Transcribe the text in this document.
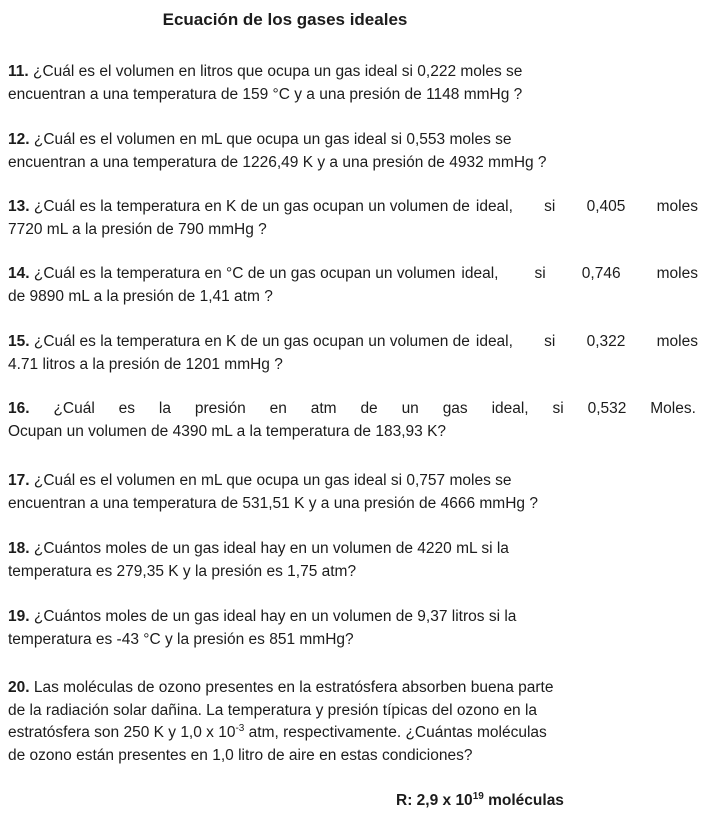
Ecuación de los gases ideales
11. ¿Cuál es el volumen en litros que ocupa un gas ideal si 0,222 moles se
encuentran a una temperatura de 159 °C y a una presión de 1148 mmHg ?
12. ¿Cuál es el volumen en mL que ocupa un gas ideal si 0,553 moles se
encuentran a una temperatura de 1226,49 K y a una presión de 4932 mmHg ?
13. ¿Cuál es la temperatura en K de un gas ocupan un volumen de ideal, si 0,405 moles
7720 mL a la presión de 790 mmHg ?
14. ¿Cuál es la temperatura en °C de un gas ocupan un volumen ideal, si 0,746 moles
de 9890 mL a la presión de 1,41 atm ?
15. ¿Cuál es la temperatura en K de un gas ocupan un volumen de ideal, si 0,322 moles
4.71 litros a la presión de 1201 mmHg ?
16. ¿Cuál es la presión en atm de un gas ideal, si 0,532 Moles.
Ocupan un volumen de 4390 mL a la temperatura de 183,93 K?
17. ¿Cuál es el volumen en mL que ocupa un gas ideal si 0,757 moles se
encuentran a una temperatura de 531,51 K y a una presión de 4666 mmHg ?
18. ¿Cuántos moles de un gas ideal hay en un volumen de 4220 mL si la
temperatura es 279,35 K y la presión es 1,75 atm?
19. ¿Cuántos moles de un gas ideal hay en un volumen de 9,37 litros si la
temperatura es -43 °C y la presión es 851 mmHg?
20. Las moléculas de ozono presentes en la estratósfera absorben buena parte
de la radiación solar dañina. La temperatura y presión típicas del ozono en la
estratósfera son 250 K y 1,0 x $10^{-3}$ atm, respectivamente. ¿Cuántas moléculas
de ozono están presentes en 1,0 litro de aire en estas condiciones?
R: 2,9 x $10^{19}$ moléculas
